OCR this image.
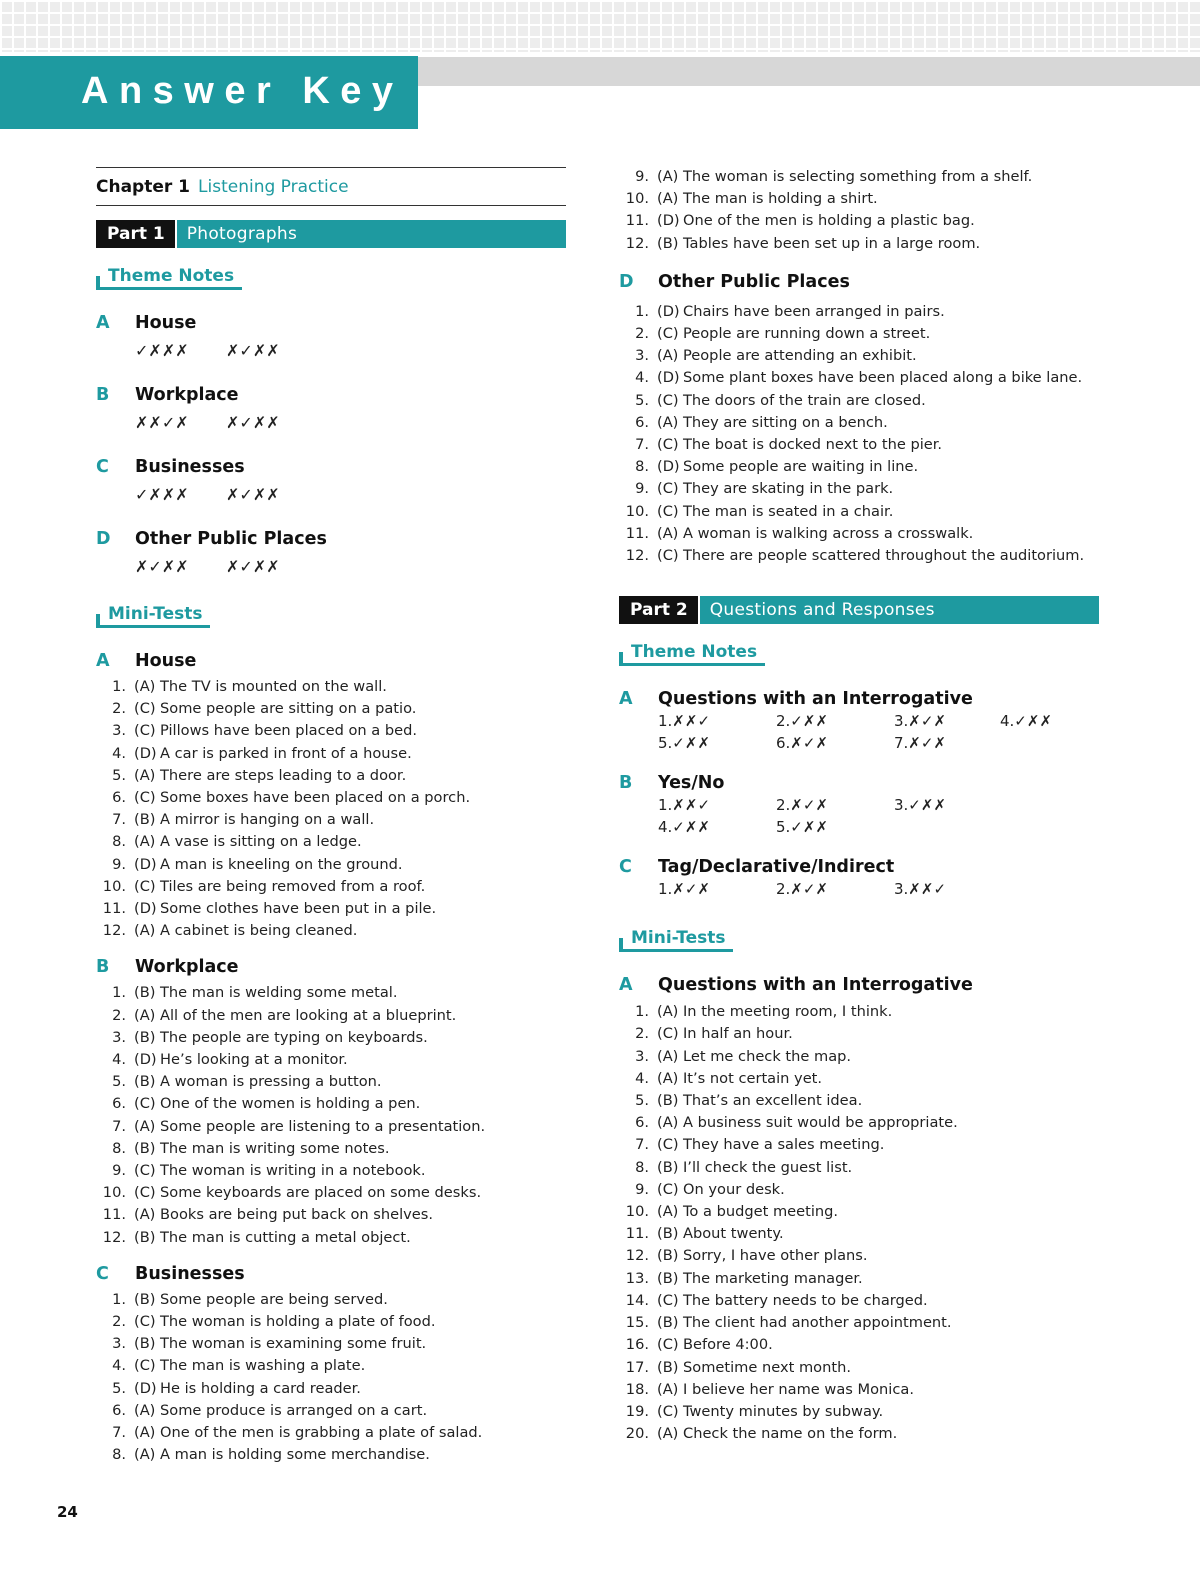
Answer Key
Chapter 1 Listening Practice
Part 1	Photographs
Theme Notes
A	House
✓✗✗✗ ✗✓✗✗
B	Workplace
✗✗✓✗ ✗✓✗✗
C	Businesses
✓✗✗✗ ✗✓✗✗
D	Other Public Places
✗✓✗✗ ✗✓✗✗
Mini-Tests
A	House
1. (A) The TV is mounted on the wall.
2. (C) Some people are sitting on a patio.
3. (C) Pillows have been placed on a bed.
4. (D) A car is parked in front of a house.
5. (A) There are steps leading to a door.
6. (C) Some boxes have been placed on a porch.
7. (B) A mirror is hanging on a wall.
8. (A) A vase is sitting on a ledge.
9. (D) A man is kneeling on the ground.
10. (C) Tiles are being removed from a roof.
11. (D) Some clothes have been put in a pile.
12. (A) A cabinet is being cleaned.
B	Workplace
1. (B) The man is welding some metal.
2. (A) All of the men are looking at a blueprint.
3. (B) The people are typing on keyboards.
4. (D) He’s looking at a monitor.
5. (B) A woman is pressing a button.
6. (C) One of the women is holding a pen.
7. (A) Some people are listening to a presentation.
8. (B) The man is writing some notes.
9. (C) The woman is writing in a notebook.
10. (C) Some keyboards are placed on some desks.
11. (A) Books are being put back on shelves.
12. (B) The man is cutting a metal object.
C	Businesses
1. (B) Some people are being served.
2. (C) The woman is holding a plate of food.
3. (B) The woman is examining some fruit.
4. (C) The man is washing a plate.
5. (D) He is holding a card reader.
6. (A) Some produce is arranged on a cart.
7. (A) One of the men is grabbing a plate of salad.
8. (A) A man is holding some merchandise.
9. (A) The woman is selecting something from a shelf.
10. (A) The man is holding a shirt.
11. (D) One of the men is holding a plastic bag.
12. (B) Tables have been set up in a large room.
D	Other Public Places
1. (D) Chairs have been arranged in pairs.
2. (C) People are running down a street.
3. (A) People are attending an exhibit.
4. (D) Some plant boxes have been placed along a bike lane.
5. (C) The doors of the train are closed.
6. (A) They are sitting on a bench.
7. (C) The boat is docked next to the pier.
8. (D) Some people are waiting in line.
9. (C) They are skating in the park.
10. (C) The man is seated in a chair.
11. (A) A woman is walking across a crosswalk.
12. (C) There are people scattered throughout the auditorium.
Part 2	Questions and Responses
Theme Notes
A	Questions with an Interrogative
1.✗✗✓	2.✓✗✗	3.✗✓✗	4.✓✗✗
5.✓✗✗	6.✗✓✗	7.✗✓✗
B	Yes/No
1.✗✗✓	2.✗✓✗	3.✓✗✗
4.✓✗✗	5.✓✗✗
C	Tag/Declarative/Indirect
1.✗✓✗	2.✗✓✗	3.✗✗✓
Mini-Tests
A	Questions with an Interrogative
1. (A) In the meeting room, I think.
2. (C) In half an hour.
3. (A) Let me check the map.
4. (A) It’s not certain yet.
5. (B) That’s an excellent idea.
6. (A) A business suit would be appropriate.
7. (C) They have a sales meeting.
8. (B) I’ll check the guest list.
9. (C) On your desk.
10. (A) To a budget meeting.
11. (B) About twenty.
12. (B) Sorry, I have other plans.
13. (B) The marketing manager.
14. (C) The battery needs to be charged.
15. (B) The client had another appointment.
16. (C) Before 4:00.
17. (B) Sometime next month.
18. (A) I believe her name was Monica.
19. (C) Twenty minutes by subway.
20. (A) Check the name on the form.
24
